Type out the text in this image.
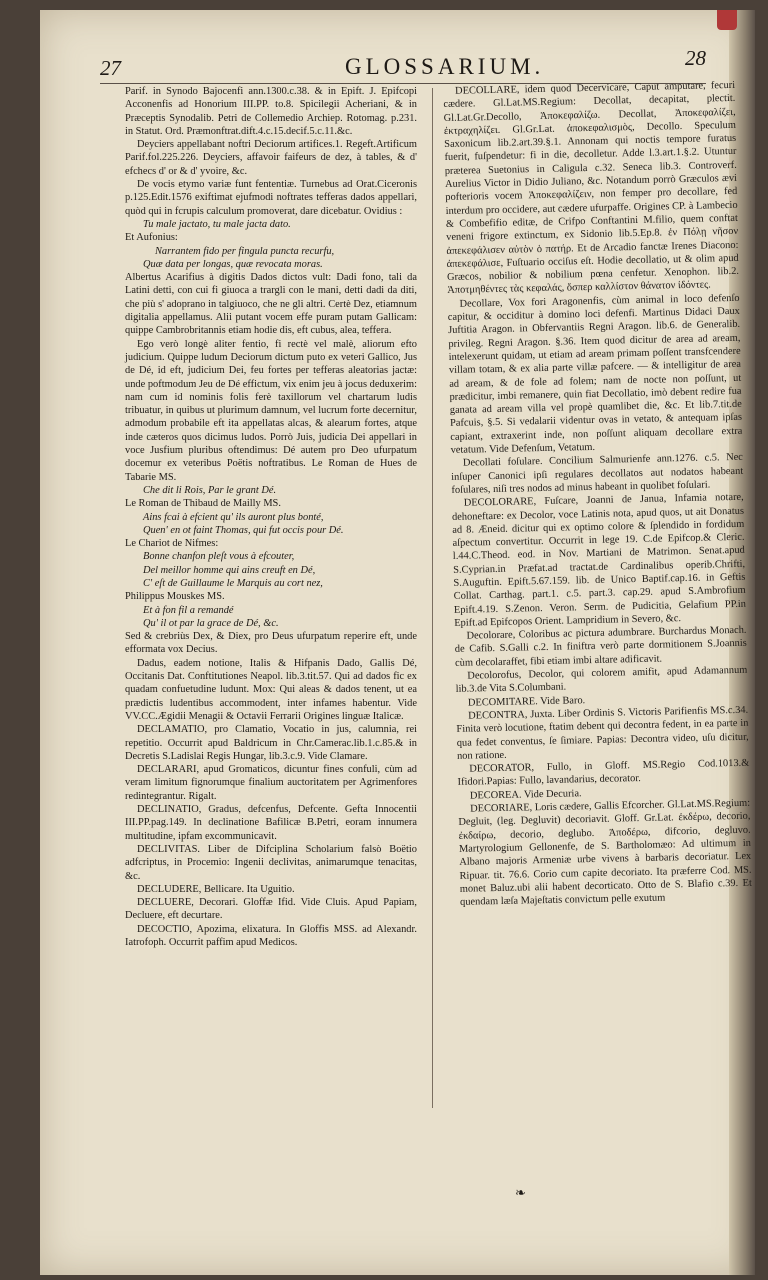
27	GLOSSARIUM.	28

Parif. in Synodo Bajocenfi ann.1300.c.38. & in Epift. J. Epifcopi Acconenfis ad Honorium III.PP. to.8. Spicilegii Acheriani, & in Præceptis Synodalib. Petri de Collemedio Archiep. Rotomag. p.231. in Statut. Ord. Præmonftrat.dift.4.c.15.decif.5.c.11.&c.

Deyciers appellabant noftri Deciorum artifices.1. Regeft.Artificum Parif.fol.225.226. Deyciers, affavoir faifeurs de dez, à tables, & d' efchecs d' or & d' yvoire, &c.

De vocis etymo variæ funt fententiæ. Turnebus ad Orat.Ciceronis p.125.Edit.1576 exiftimat ejufmodi noftrates tefferas dados appellari, quòd qui in fcrupis calculum promoverat, dare dicebatur. Ovidius :

Tu male jactato, tu male jacta dato.

Et Aufonius:

Narrantem fido per fingula puncta recurfu,

Quæ data per longas, quæ revocata moras.

Albertus Acarifius à digitis Dados dictos vult: Dadi fono, tali da Latini detti, con cui fi giuoca a trargli con le mani, detti dadi da diti, che più s' adoprano in talgiuoco, che ne gli altri. Certè Dez, etiamnum digitalia appellamus. Alii putant vocem effe puram putam Gallicam: quippe Cambrobritannis etiam hodie dis, eft cubus, alea, teffera.

Ego verò longè aliter fentio, fi rectè vel malè, aliorum efto judicium. Quippe ludum Deciorum dictum puto ex veteri Gallico, Jus de Dé, id eft, judicium Dei, feu fortes per tefferas aleatorias jactæ: unde poftmodum Jeu de Dé effictum, vix enim jeu à jocus deduxerim: nam cum id nominis folis ferè taxillorum vel chartarum ludis tribuatur, in quibus ut plurimum damnum, vel lucrum forte decernitur, admodum probabile eft ita appellatas alcas, & alearum fortes, atque inde cæteros quos dicimus ludos. Porrò Juis, judicia Dei appellari in voce Jusfium pluribus oftendimus: Dé autem pro Deo ufurpatum docemur ex veteribus Poëtis noftratibus. Le Roman de Hues de Tabarie MS.

Che dit li Rois, Par le grant Dé.

Le Roman de Thibaud de Mailly MS.

Ains fcai à efcient qu' ils auront plus bonté,

Quen' en ot faint Thomas, qui fut occis pour Dé.

Le Chariot de Nifmes:

Bonne chanfon pleſt vous à efcouter,

Del meillor homme qui ains creuft en Dé,

C' eſt de Guillaume le Marquis au cort nez,

Philippus Mouskes MS.

Et à fon fil a remandé

Qu' il ot par la grace de Dé, &c.

Sed & crebriùs Dex, & Diex, pro Deus ufurpatum reperire eft, unde efformata vox Decius.

Dadus, eadem notione, Italis & Hifpanis Dado, Gallis Dé, Occitanis Dat. Conftitutiones Neapol. lib.3.tit.57. Qui ad dados fic ex quadam confuetudine ludunt. Mox: Qui aleas & dados tenent, ut ea prædictis ludentibus accommodent, inter infames habentur. Vide VV.CC.Ægidii Menagii & Octavii Ferrarii Origines linguæ Italicæ.

DECLAMATIO, pro Clamatio, Vocatio in jus, calumnia, rei repetitio. Occurrit apud Baldricum in Chr.Camerac.lib.1.c.85.& in Decretis S.Ladislai Regis Hungar, lib.3.c.9. Vide Clamare.

DECLARARI, apud Gromaticos, dicuntur fines confuli, cùm ad veram limitum fignorumque finalium auctoritatem per Agrimenfores redintegrantur. Rigalt.

DECLINATIO, Gradus, defcenfus, Defcente. Gefta Innocentii III.PP.pag.149. In declinatione Bafilicæ B.Petri, eoram innumera multitudine, ipfam excommunicavit.

DECLIVITAS. Liber de Difciplina Scholarium falsò Boëtio adfcriptus, in Procemio: Ingenii declivitas, animarumque tenacitas, &c.

DECLUDERE, Bellicare. Ita Uguitio.

DECLUERE, Decorari. Gloffæ Ifid. Vide Cluis. Apud Papiam, Decluere, eft decurtare.

DECOCTIO, Apozima, elixatura. In Gloffis MSS. ad Alexandr. Iatrofoph. Occurrit paffim apud Medicos.

DECOLLARE, idem quod Decervicare, Caput amputare, fecuri cædere. Gl.Lat.MS.Regium: Decollat, decapitat, plectit. Gl.Lat.Gr.Decollo, Ἀποκεφαλίζω. Decollat, Ἀποκεφαλίζει, ἐκτραχηλίζει. Gl.Gr.Lat. ἀποκεφαλισμὸς, Decollo. Speculum Saxonicum lib.2.art.39.§.1. Annonam qui noctis tempore furatus fuerit, fuſpendetur: fi in die, decolletur. Adde l.3.art.1.§.2. Utuntur præterea Suetonius in Caligula c.32. Seneca lib.3. Controverf. Aurelius Victor in Didio Juliano, &c. Notandum porrò Græculos ævi pofterioris vocem Ἀποκεφαλίζειν, non femper pro decollare, fed interdum pro occidere, aut cædere ufurpaffe. Origines CP. à Lambecio & Combefifio editæ, de Crifpo Conftantini M.filio, quem conftat veneni frigore extinctum, ex Sidonio lib.5.Ep.8. ἐν Πόλῃ νῆσον ἀπεκεφάλισεν αὐτὸν ὁ πατήρ. Et de Arcadio fanctæ Irenes Diacono: ἀπεκεφάλισε, Fuſtuario occiſus eſt. Hodie decollatio, ut & olim apud Græcos, nobilior & nobilium pœna cenfetur. Xenophon. lib.2. Ἀποτμηθέντες τὰς κεφαλάς, ὅσπερ καλλίστον θάνατον ἰδόντες.

Decollare, Vox fori Aragonenfis, cùm animal in loco defenſo capitur, & occiditur à domino loci defenfi. Martinus Didaci Daux Juftitia Aragon. in Obfervantiis Regni Aragon. lib.6. de Generalib. privileg. Regni Aragon. §.36. Item quod dicitur de area ad aream, intelexerunt quidam, ut etiam ad aream primam poſſent transfcendere villam totam, & ex alia parte villæ pafcere. — & intelligitur de area ad aream, & de fole ad folem; nam de nocte non poſſunt, ut prædicitur, imbi remanere, quin fiat Decollatio, imò debent redire fua ganata ad aream villa vel propè quamlibet die, &c. Et lib.7.tit.de Pafcuis, §.5. Si vedalarii videntur ovas in vetato, & antequam ipſas capiant, extraxerint inde, non poſſunt aliquam decollare extra vetatum. Vide Defenſum, Vetatum.

Decollati foſulare. Concilium Salmurienfe ann.1276. c.5. Nec inſuper Canonici ipſi regulares decollatos aut nodatos habeant foſulares, niſi tres nodos ad minus habeant in quolibet foſulari.

DECOLORARE, Fuſcare, Joanni de Janua, Infamia notare, dehoneftare: ex Decolor, voce Latinis nota, apud quos, ut ait Donatus ad 8. Æneid. dicitur qui ex optimo colore & ſplendido in fordidum aſpectum convertitur. Occurrit in lege 19. C.de Epifcop.& Cleric. l.44.C.Theod. eod. in Nov. Martiani de Matrimon. Senat.apud S.Cyprian.in Præfat.ad tractat.de Cardinalibus operib.Chrifti, S.Auguftin. Epift.5.67.159. lib. de Unico Baptif.cap.16. in Geftis Collat. Carthag. part.1. c.5. part.3. cap.29. apud S.Ambrofium Epift.4.19. S.Zenon. Veron. Serm. de Pudicitia, Gelafium PP.in Epift.ad Epifcopos Orient. Lampridium in Severo, &c.

Decolorare, Coloribus ac pictura adumbrare. Burchardus Monach. de Cafib. S.Galli c.2. In finiftra verò parte dormitionem S.Joannis cùm decolaraffet, fibi etiam imbi altare adificavit.

Decolorofus, Decolor, qui colorem amifit, apud Adamannum lib.3.de Vita S.Columbani.

DECOMITARE. Vide Baro.

DECONTRA, Juxta. Liber Ordinis S. Victoris Parifienfis MS.c.34. Finita verò locutione, ftatim debent qui decontra fedent, in ea parte in qua fedet conventus, ſe ſimiare. Papias: Decontra video, uſu dicitur, non ratione.

DECORATOR, Fullo, in Gloff. MS.Regio Cod.1013.& Ifidori.Papias: Fullo, lavandarius, decorator.

DECOREA. Vide Decuria.

DECORIARE, Loris cædere, Gallis Efcorcher. Gl.Lat.MS.Regium: Degluit, (leg. Degluvit) decoriavit. Gloff. Gr.Lat. ἐκδέρω, decorio, ἐκδαίρω, decorio, deglubo. Ἀποδέρω, difcorio, degluvo. Martyrologium Gellonenfe, de S. Bartholomæo: Ad ultimum in Albano majoris Armeniæ urbe vivens à barbaris decoriatur. Lex Ripuar. tit. 76.6. Corio cum capite decoriato. Ita præferre Cod. MS. monet Baluz.ubi alii habent decorticato. Otto de S. Blafio c.39. Et quendam læſa Majeſtatis convictum pelle exutum

❧
